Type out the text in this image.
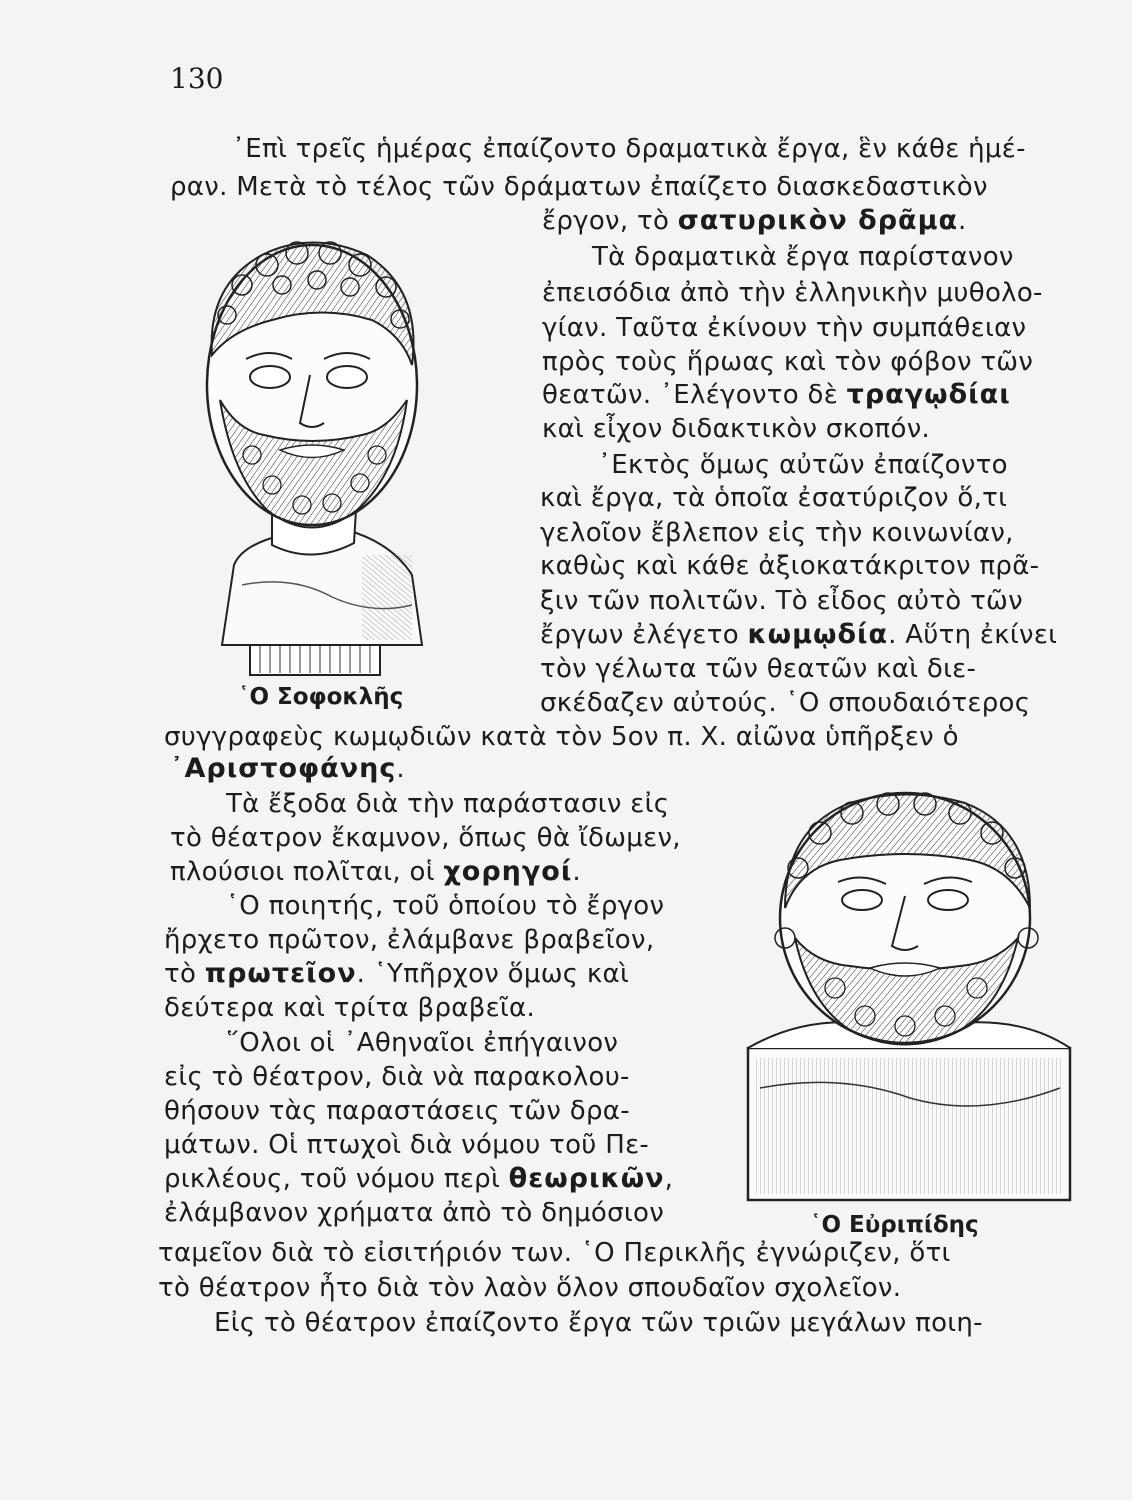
130
῾Ο Σοφοκλῆς
῾Ο Εὐριπίδης
᾿Επὶ τρεῖς ἡμέρας ἐπαίζοντο δραματικὰ ἔργα, ἓν κάθε ἡμέ-
ραν. Μετὰ τὸ τέλος τῶν δράματων ἐπαίζετο διασκεδαστικὸν
ἔργον, τὸ σατυρικὸν δρᾶμα.
Τὰ δραματικὰ ἔργα παρίστανον
ἐπεισόδια ἀπὸ τὴν ἑλληνικὴν μυθολο-
γίαν. Ταῦτα ἐκίνουν τὴν συμπάθειαν
πρὸς τοὺς ἥρωας καὶ τὸν φόβον τῶν
θεατῶν. ᾿Ελέγοντο δὲ τραγῳδίαι
καὶ εἶχον διδακτικὸν σκοπόν.
᾿Εκτὸς ὅμως αὐτῶν ἐπαίζοντο
καὶ ἔργα, τὰ ὁποῖα ἐσατύριζον ὅ,τι
γελοῖον ἔβλεπον εἰς τὴν κοινωνίαν,
καθὼς καὶ κάθε ἀξιοκατάκριτον πρᾶ-
ξιν τῶν πολιτῶν. Τὸ εἶδος αὐτὸ τῶν
ἔργων ἐλέγετο κωμῳδία. Αὕτη ἐκίνει
τὸν γέλωτα τῶν θεατῶν καὶ διε-
σκέδαζεν αὐτούς. ῾Ο σπουδαιότερος
συγγραφεὺς κωμῳδιῶν κατὰ τὸν 5ον π. Χ. αἰῶνα ὑπῆρξεν ὁ
᾿Αριστοφάνης.
Τὰ ἔξοδα διὰ τὴν παράστασιν εἰς
τὸ θέατρον ἔκαμνον, ὅπως θὰ ἴδωμεν,
πλούσιοι πολῖται, οἱ χορηγοί.
῾Ο ποιητής, τοῦ ὁποίου τὸ ἔργον
ἤρχετο πρῶτον, ἐλάμβανε βραβεῖον,
τὸ πρωτεῖον. ῾Υπῆρχον ὅμως καὶ
δεύτερα καὶ τρίτα βραβεῖα.
῞Ολοι οἱ ᾿Αθηναῖοι ἐπήγαινον
εἰς τὸ θέατρον, διὰ νὰ παρακολου-
θήσουν τὰς παραστάσεις τῶν δρα-
μάτων. Οἱ πτωχοὶ διὰ νόμου τοῦ Πε-
ρικλέους, τοῦ νόμου περὶ θεωρικῶν,
ἐλάμβανον χρήματα ἀπὸ τὸ δημόσιον
ταμεῖον διὰ τὸ εἰσιτήριόν των. ῾Ο Περικλῆς ἐγνώριζεν, ὅτι
τὸ θέατρον ἦτο διὰ τὸν λαὸν ὅλον σπουδαῖον σχολεῖον.
Εἰς τὸ θέατρον ἐπαίζοντο ἔργα τῶν τριῶν μεγάλων ποιη-
